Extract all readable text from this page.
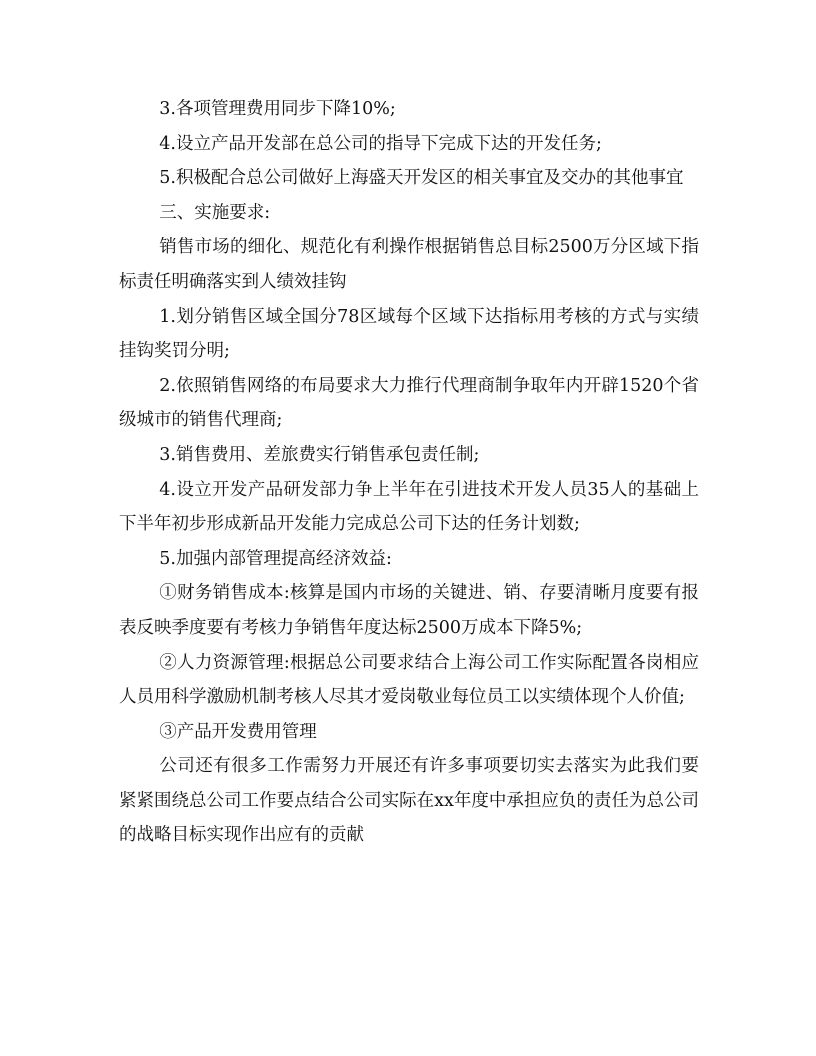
3.各项管理费用同步下降10%;

4.设立产品开发部在总公司的指导下完成下达的开发任务;

5.积极配合总公司做好上海盛天开发区的相关事宜及交办的其他事宜

三、实施要求:

销售市场的细化、规范化有利操作根据销售总目标2500万分区域下指标责任明确落实到人绩效挂钩

1.划分销售区域全国分78区域每个区域下达指标用考核的方式与实绩挂钩奖罚分明;

2.依照销售网络的布局要求大力推行代理商制争取年内开辟1520个省级城市的销售代理商;

3.销售费用、差旅费实行销售承包责任制;

4.设立开发产品研发部力争上半年在引进技术开发人员35人的基础上下半年初步形成新品开发能力完成总公司下达的任务计划数;

5.加强内部管理提高经济效益:

①财务销售成本:核算是国内市场的关键进、销、存要清晰月度要有报表反映季度要有考核力争销售年度达标2500万成本下降5%;

②人力资源管理:根据总公司要求结合上海公司工作实际配置各岗相应人员用科学激励机制考核人尽其才爱岗敬业每位员工以实绩体现个人价值;

③产品开发费用管理

公司还有很多工作需努力开展还有许多事项要切实去落实为此我们要紧紧围绕总公司工作要点结合公司实际在xx年度中承担应负的责任为总公司的战略目标实现作出应有的贡献
